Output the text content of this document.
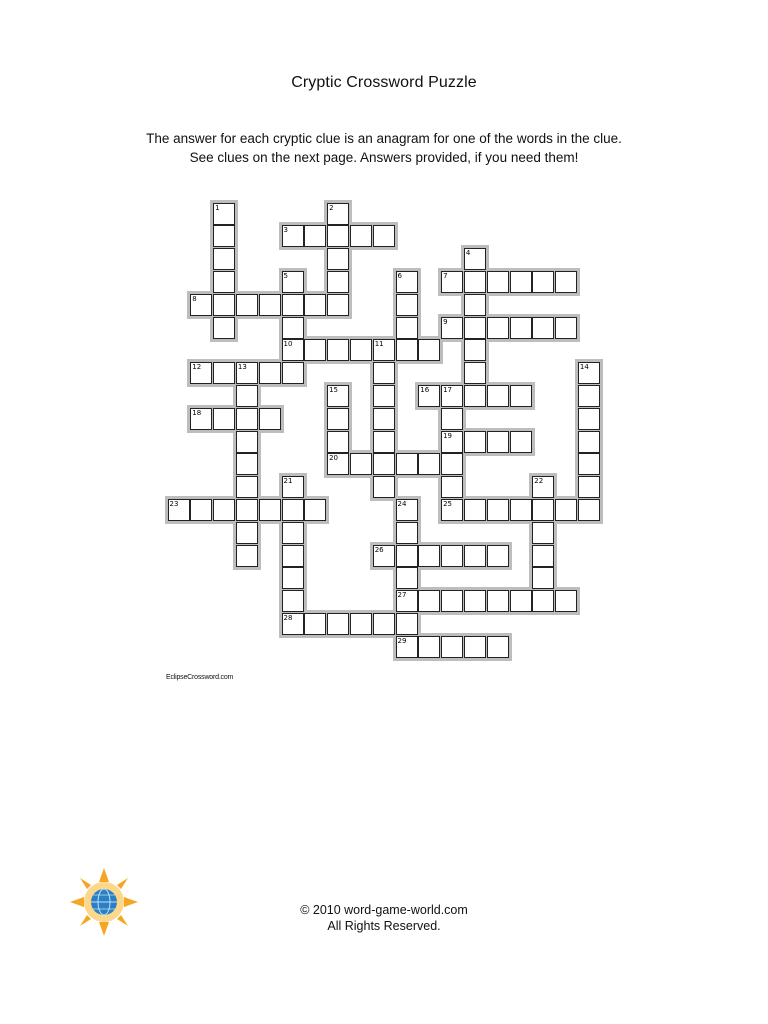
Cryptic Crossword Puzzle
The answer for each cryptic clue is an anagram for one of the words in the clue.
See clues on the next page. Answers provided, if you need them!
1	2
3
4
5	6	7
8
9
10	11
12	13	14
15	16 17
18
19
20
21	22
23	24	25
26
27
28
29
EclipseCrossword.com
© 2010 word-game-world.com
All Rights Reserved.
